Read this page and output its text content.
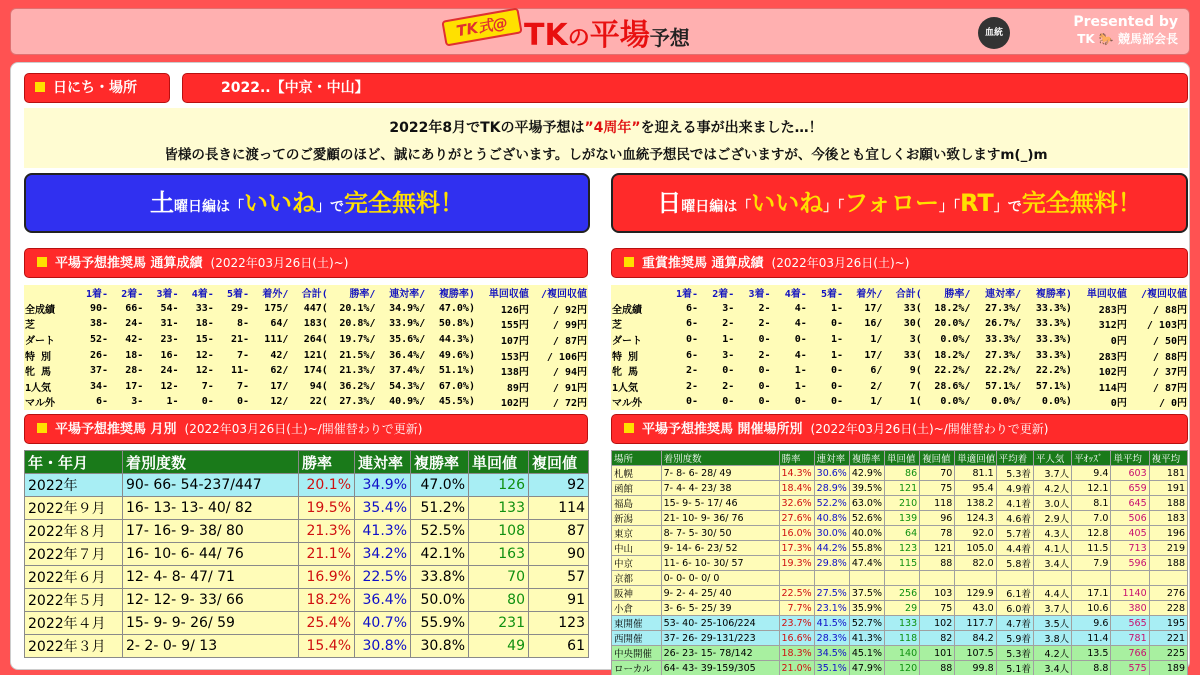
TK式@ TKの平場予想	血統
Presented by
TK 🐎 競馬部会長
日にち・場所	2022..【中京・中山】
2022年8月でTKの平場予想は”4周年”を迎える事が出来ました…！
皆様の長きに渡ってのご愛顧のほど、誠にありがとうございます。しがない血統予想民ではございますが、今後とも宜しくお願い致しますm(_)m
土曜日編は「いいね」で完全無料！	日曜日編は「いいね」「フォロー」「RT」で完全無料！
平場予想推奨馬 通算成績 (2022年03月26日(土)~)	重賞推奨馬 通算成績 (2022年03月26日(土)~)
平場予想推奨馬 月別 (2022年03月26日(土)~/開催替わりで更新)	平場予想推奨馬 開催場所別 (2022年03月26日(土)~/開催替わりで更新)
	1着-	2着-	3着-	4着-	5着-	着外/	合計(	勝率/	連対率/	複勝率)	単回収値	/複回収値
全成績	90-	66-	54-	33-	29-	175/	447(	20.1%/	34.9%/	47.0%)	126円	/ 92円
芝	38-	24-	31-	18-	8-	64/	183(	20.8%/	33.9%/	50.8%)	155円	/ 99円
ダート	52-	42-	23-	15-	21-	111/	264(	19.7%/	35.6%/	44.3%)	107円	/ 87円
特 別	26-	18-	16-	12-	7-	42/	121(	21.5%/	36.4%/	49.6%)	153円	/ 106円
牝 馬	37-	28-	24-	12-	11-	62/	174(	21.3%/	37.4%/	51.1%)	138円	/ 94円
1人気	34-	17-	12-	7-	7-	17/	94(	36.2%/	54.3%/	67.0%)	89円	/ 91円
マル外	6-	3-	1-	0-	0-	12/	22(	27.3%/	40.9%/	45.5%)	102円	/ 72円
	1着-	2着-	3着-	4着-	5着-	着外/	合計(	勝率/	連対率/	複勝率)	単回収値	/複回収値
全成績	6-	3-	2-	4-	1-	17/	33(	18.2%/	27.3%/	33.3%)	283円	/ 88円
芝	6-	2-	2-	4-	0-	16/	30(	20.0%/	26.7%/	33.3%)	312円	/ 103円
ダート	0-	1-	0-	0-	1-	1/	3(	0.0%/	33.3%/	33.3%)	0円	/ 50円
特 別	6-	3-	2-	4-	1-	17/	33(	18.2%/	27.3%/	33.3%)	283円	/ 88円
牝 馬	2-	0-	0-	1-	0-	6/	9(	22.2%/	22.2%/	22.2%)	102円	/ 37円
1人気	2-	2-	0-	1-	0-	2/	7(	28.6%/	57.1%/	57.1%)	114円	/ 87円
マル外	0-	0-	0-	0-	0-	1/	1(	0.0%/	0.0%/	0.0%)	0円	/ 0円
年・年月	着別度数	勝率	連対率	複勝率	単回値	複回値
2022年	90- 66- 54-237/447	20.1%	34.9%	47.0%	126	92
2022年９月	16- 13- 13- 40/ 82	19.5%	35.4%	51.2%	133	114
2022年８月	17- 16- 9- 38/ 80	21.3%	41.3%	52.5%	108	87
2022年７月	16- 10- 6- 44/ 76	21.1%	34.2%	42.1%	163	90
2022年６月	12- 4- 8- 47/ 71	16.9%	22.5%	33.8%	70	57
2022年５月	12- 12- 9- 33/ 66	18.2%	36.4%	50.0%	80	91
2022年４月	15- 9- 9- 26/ 59	25.4%	40.7%	55.9%	231	123
2022年３月	2- 2- 0- 9/ 13	15.4%	30.8%	30.8%	49	61
場所	着別度数	勝率	連対率	複勝率	単回値	複回値	単適回値	平均着	平人気	平ｵｯｽﾞ	単平均	複平均
札幌	7- 8- 6- 28/ 49	14.3%	30.6%	42.9%	86	70	81.1	5.3着	3.7人	9.4	603	181
函館	7- 4- 4- 23/ 38	18.4%	28.9%	39.5%	121	75	95.4	4.9着	4.2人	12.1	659	191
福島	15- 9- 5- 17/ 46	32.6%	52.2%	63.0%	210	118	138.2	4.1着	3.0人	8.1	645	188
新潟	21- 10- 9- 36/ 76	27.6%	40.8%	52.6%	139	96	124.3	4.6着	2.9人	7.0	506	183
東京	8- 7- 5- 30/ 50	16.0%	30.0%	40.0%	64	78	92.0	5.7着	4.3人	12.8	405	196
中山	9- 14- 6- 23/ 52	17.3%	44.2%	55.8%	123	121	105.0	4.4着	4.1人	11.5	713	219
中京	11- 6- 10- 30/ 57	19.3%	29.8%	47.4%	115	88	82.0	5.8着	3.4人	7.9	596	188
京都	0- 0- 0- 0/ 0											
阪神	9- 2- 4- 25/ 40	22.5%	27.5%	37.5%	256	103	129.9	6.1着	4.4人	17.1	1140	276
小倉	3- 6- 5- 25/ 39	7.7%	23.1%	35.9%	29	75	43.0	6.0着	3.7人	10.6	380	228
東開催	53- 40- 25-106/224	23.7%	41.5%	52.7%	133	102	117.7	4.7着	3.5人	9.6	565	195
西開催	37- 26- 29-131/223	16.6%	28.3%	41.3%	118	82	84.2	5.9着	3.8人	11.4	781	221
中央開催	26- 23- 15- 78/142	18.3%	34.5%	45.1%	140	101	107.5	5.3着	4.2人	13.5	766	225
ローカル	64- 43- 39-159/305	21.0%	35.1%	47.9%	120	88	99.8	5.1着	3.4人	8.8	575	189
